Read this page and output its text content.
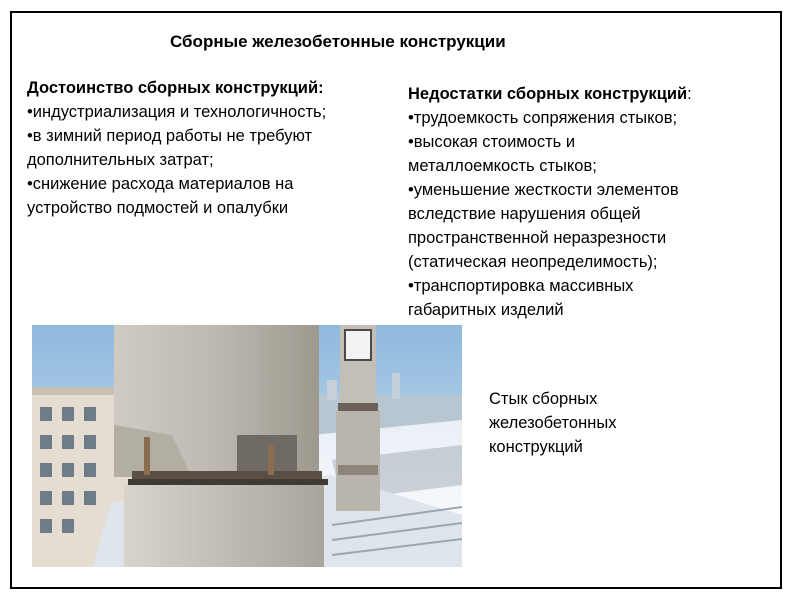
Сборные железобетонные конструкции
Достоинство сборных конструкций:
•индустриализация и технологичность;
•в зимний период работы не требуют
дополнительных затрат;
•снижение расхода материалов на
устройство подмостей и опалубки
Недостатки сборных конструкций:
•трудоемкость сопряжения стыков;
•высокая стоимость и
металлоемкость стыков;
•уменьшение жесткости элементов
вследствие нарушения общей
пространственной неразрезности
(статическая неопределимость);
•транспортировка массивных
габаритных изделий
Стык сборных
железобетонных
конструкций
